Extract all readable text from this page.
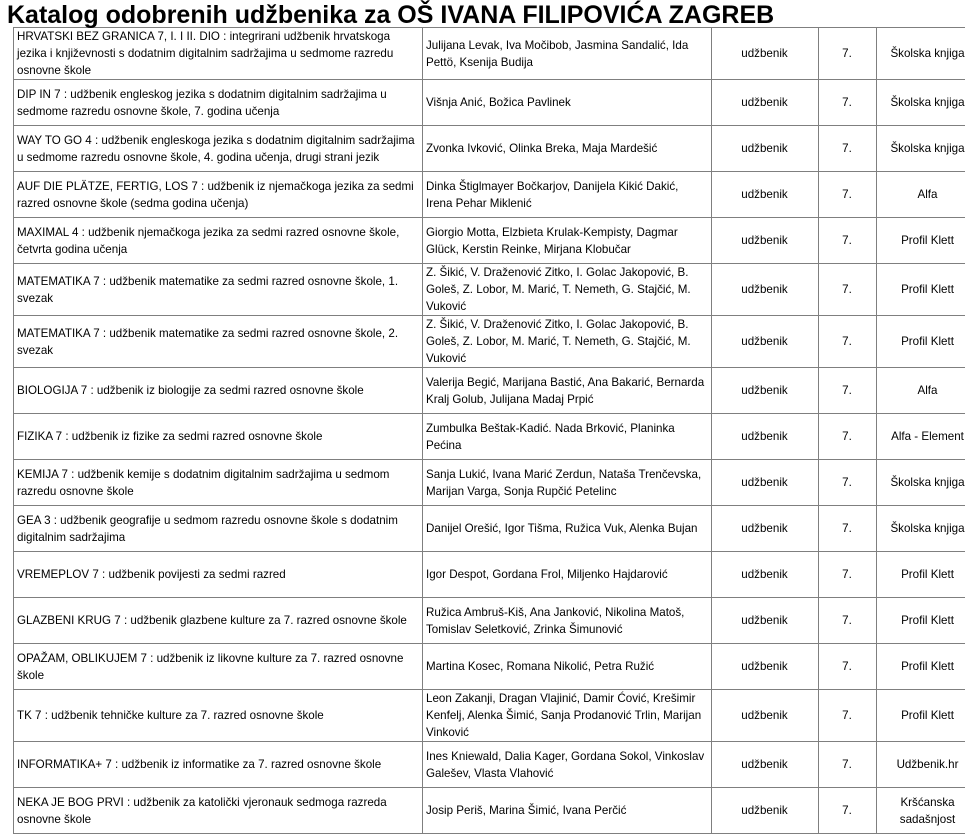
Katalog odobrenih udžbenika za OŠ IVANA FILIPOVIĆA ZAGREB
HRVATSKI BEZ GRANICA 7, I. I II. DIO : integrirani udžbenik hrvatskoga jezika i književnosti s dodatnim digitalnim sadržajima u sedmome razredu osnovne škole	Julijana Levak, Iva Močibob, Jasmina Sandalić, Ida Pettö, Ksenija Budija	udžbenik	7.	Školska knjiga
DIP IN 7 : udžbenik engleskog jezika s dodatnim digitalnim sadržajima u sedmome razredu osnovne škole, 7. godina učenja	Višnja Anić, Božica Pavlinek	udžbenik	7.	Školska knjiga
WAY TO GO 4 : udžbenik engleskoga jezika s dodatnim digitalnim sadržajima u sedmome razredu osnovne škole, 4. godina učenja, drugi strani jezik	Zvonka Ivković, Olinka Breka, Maja Mardešić	udžbenik	7.	Školska knjiga
AUF DIE PLÄTZE, FERTIG, LOS 7 : udžbenik iz njemačkoga jezika za sedmi razred osnovne škole (sedma godina učenja)	Dinka Štiglmayer Bočkarjov, Danijela Kikić Dakić, Irena Pehar Miklenić	udžbenik	7.	Alfa
MAXIMAL 4 : udžbenik njemačkoga jezika za sedmi razred osnovne škole, četvrta godina učenja	Giorgio Motta, Elzbieta Krulak-Kempisty, Dagmar Glück, Kerstin Reinke, Mirjana Klobučar	udžbenik	7.	Profil Klett
MATEMATIKA 7 : udžbenik matematike za sedmi razred osnovne škole, 1. svezak	Z. Šikić, V. Draženović Zitko, I. Golac Jakopović, B. Goleš, Z. Lobor, M. Marić, T. Nemeth, G. Stajčić, M. Vuković	udžbenik	7.	Profil Klett
MATEMATIKA 7 : udžbenik matematike za sedmi razred osnovne škole, 2. svezak	Z. Šikić, V. Draženović Zitko, I. Golac Jakopović, B. Goleš, Z. Lobor, M. Marić, T. Nemeth, G. Stajčić, M. Vuković	udžbenik	7.	Profil Klett
BIOLOGIJA 7 : udžbenik iz biologije za sedmi razred osnovne škole	Valerija Begić, Marijana Bastić, Ana Bakarić, Bernarda Kralj Golub, Julijana Madaj Prpić	udžbenik	7.	Alfa
FIZIKA 7 : udžbenik iz fizike za sedmi razred osnovne škole	Zumbulka Beštak-Kadić. Nada Brković, Planinka Pećina	udžbenik	7.	Alfa - Element
KEMIJA 7 : udžbenik kemije s dodatnim digitalnim sadržajima u sedmom razredu osnovne škole	Sanja Lukić, Ivana Marić Zerdun, Nataša Trenčevska, Marijan Varga, Sonja Rupčić Petelinc	udžbenik	7.	Školska knjiga
GEA 3 : udžbenik geografije u sedmom razredu osnovne škole s dodatnim digitalnim sadržajima	Danijel Orešić, Igor Tišma, Ružica Vuk, Alenka Bujan	udžbenik	7.	Školska knjiga
VREMEPLOV 7 : udžbenik povijesti za sedmi razred	Igor Despot, Gordana Frol, Miljenko Hajdarović	udžbenik	7.	Profil Klett
GLAZBENI KRUG 7 : udžbenik glazbene kulture za 7. razred osnovne škole	Ružica Ambruš-Kiš, Ana Janković, Nikolina Matoš, Tomislav Seletković, Zrinka Šimunović	udžbenik	7.	Profil Klett
OPAŽAM, OBLIKUJEM 7 : udžbenik iz likovne kulture za 7. razred osnovne škole	Martina Kosec, Romana Nikolić, Petra Ružić	udžbenik	7.	Profil Klett
TK 7 : udžbenik tehničke kulture za 7. razred osnovne škole	Leon Zakanji, Dragan Vlajinić, Damir Ćović, Krešimir Kenfelj, Alenka Šimić, Sanja Prodanović Trlin, Marijan Vinković	udžbenik	7.	Profil Klett
INFORMATIKA+ 7 : udžbenik iz informatike za 7. razred osnovne škole	Ines Kniewald, Dalia Kager, Gordana Sokol, Vinkoslav Galešev, Vlasta Vlahović	udžbenik	7.	Udžbenik.hr
NEKA JE BOG PRVI : udžbenik za katolički vjeronauk sedmoga razreda osnovne škole	Josip Periš, Marina Šimić, Ivana Perčić	udžbenik	7.	Kršćanska sadašnjost
